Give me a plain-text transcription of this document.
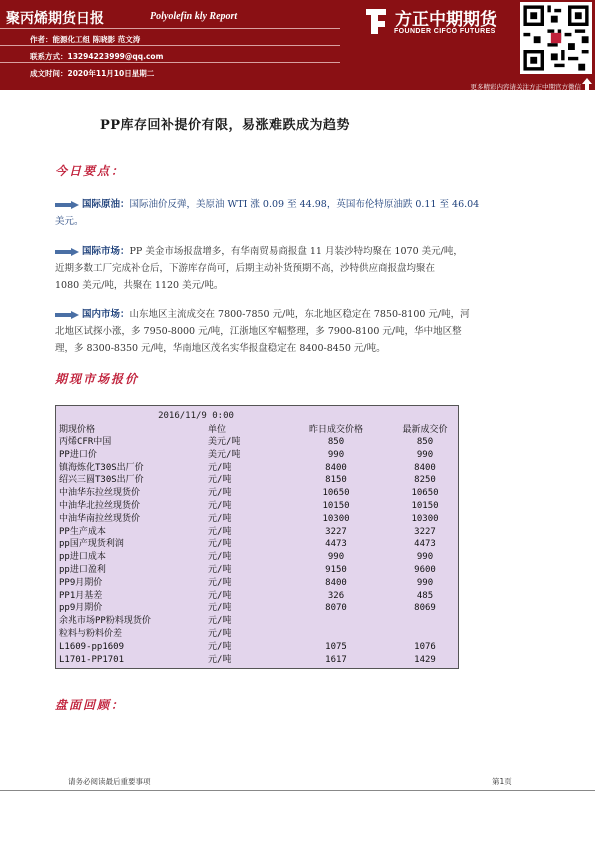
聚丙烯期货日报	Polyolefin kly Report
作者：能源化工组 陈晓影 范文涛
联系方式：13294223999@qq.com
成文时间：2020年11月10日星期二
方正中期期货
FOUNDER CIFCO FUTURES
更多精彩内容请关注方正中期官方微信
PP库存回补提价有限，易涨难跌成为趋势
今日要点：
国际原油：国际油价反弹，美原油 WTI 涨 0.09 至 44.98，英国布伦特原油跌 0.11 至 46.04
美元。
国际市场：PP 美金市场报盘增多，有华南贸易商报盘 11 月装沙特均聚在 1070 美元/吨，
近期多数工厂完成补仓后，下游库存尚可，后期主动补货预期不高，沙特供应商报盘均聚在
1080 美元/吨，共聚在 1120 美元/吨。
国内市场：山东地区主流成交在 7800-7850 元/吨，东北地区稳定在 7850-8100 元/吨，河
北地区试探小涨，多 7950-8000 元/吨，江浙地区窄幅整理，多 7900-8100 元/吨，华中地区整
理，多 8300-8350 元/吨，华南地区茂名实华报盘稳定在 8400-8450 元/吨。
期现市场报价
2016/11/9 0:00
期现价格	单位	昨日成交价格	最新成交价
丙烯CFR中国	美元/吨	850	850
PP进口价	美元/吨	990	990
镇海炼化T30S出厂价	元/吨	8400	8400
绍兴三圆T30S出厂价	元/吨	8150	8250
中油华东拉丝现货价	元/吨	10650	10650
中油华北拉丝现货价	元/吨	10150	10150
中油华南拉丝现货价	元/吨	10300	10300
PP生产成本	元/吨	3227	3227
pp国产现货利润	元/吨	4473	4473
pp进口成本	元/吨	990	990
pp进口盈利	元/吨	9150	9600
PP9月期价	元/吨	8400	990
PP1月基差	元/吨	326	485
pp9月期价	元/吨	8070	8069
余兆市场PP粉料现货价	元/吨
粒料与粉料价差	元/吨
L1609-pp1609	元/吨	1075	1076
L1701-PP1701	元/吨	1617	1429
盘面回顾：
请务必阅读最后重要事项	第1页
